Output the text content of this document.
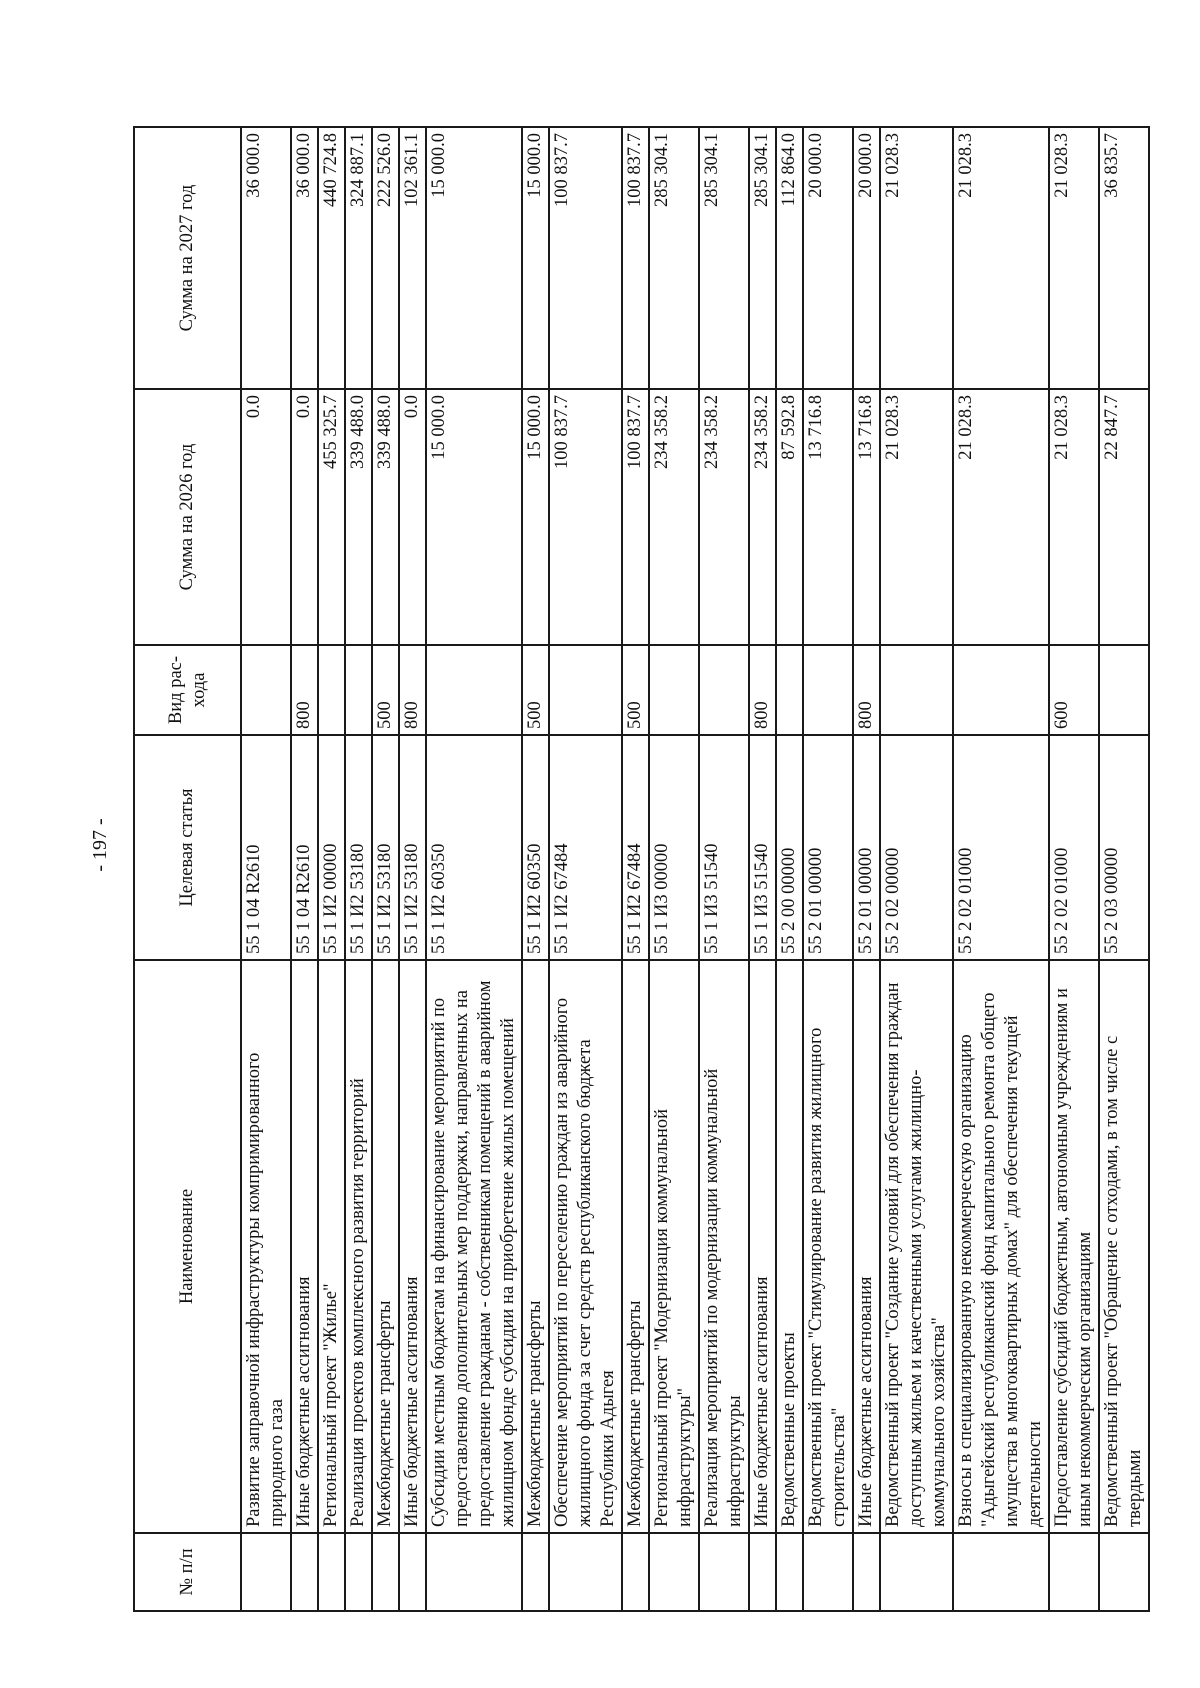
- 197 -
№ п/п	Наименование	Целевая статья	Вид рас-хода	Сумма на 2026 год	Сумма на 2027 год
	Развитие заправочной инфраструктуры компримированного природного газа	55 1 04 R2610		0.0	36 000.0
	Иные бюджетные ассигнования	55 1 04 R2610	800	0.0	36 000.0
	Региональный проект "Жилье"	55 1 И2 00000		455 325.7	440 724.8
	Реализация проектов комплексного развития территорий	55 1 И2 53180		339 488.0	324 887.1
	Межбюджетные трансферты	55 1 И2 53180	500	339 488.0	222 526.0
	Иные бюджетные ассигнования	55 1 И2 53180	800	0.0	102 361.1
	Субсидии местным бюджетам на финансирование мероприятий по предоставлению дополнительных мер поддержки, направленных на предоставление гражданам - собственникам помещений в аварийном жилищном фонде субсидии на приобретение жилых помещений	55 1 И2 60350		15 000.0	15 000.0
	Межбюджетные трансферты	55 1 И2 60350	500	15 000.0	15 000.0
	Обеспечение мероприятий по переселению граждан из аварийного жилищного фонда за счет средств республиканского бюджета Республики Адыгея	55 1 И2 67484		100 837.7	100 837.7
	Межбюджетные трансферты	55 1 И2 67484	500	100 837.7	100 837.7
	Региональный проект "Модернизация коммунальной инфраструктуры"	55 1 И3 00000		234 358.2	285 304.1
	Реализация мероприятий по модернизации коммунальной инфраструктуры	55 1 И3 51540		234 358.2	285 304.1
	Иные бюджетные ассигнования	55 1 И3 51540	800	234 358.2	285 304.1
	Ведомственные проекты	55 2 00 00000		87 592.8	112 864.0
	Ведомственный проект "Стимулирование развития жилищного строительства"	55 2 01 00000		13 716.8	20 000.0
	Иные бюджетные ассигнования	55 2 01 00000	800	13 716.8	20 000.0
	Ведомственный проект "Создание условий для обеспечения граждан доступным жильем и качественными услугами жилищно-коммунального хозяйства"	55 2 02 00000		21 028.3	21 028.3
	Взносы в специализированную некоммерческую организацию "Адыгейский республиканский фонд капитального ремонта общего имущества в многоквартирных домах" для обеспечения текущей деятельности	55 2 02 01000		21 028.3	21 028.3
	Предоставление субсидий бюджетным, автономным учреждениям и иным некоммерческим организациям	55 2 02 01000	600	21 028.3	21 028.3
	Ведомственный проект "Обращение с отходами, в том числе с твердыми	55 2 03 00000		22 847.7	36 835.7
